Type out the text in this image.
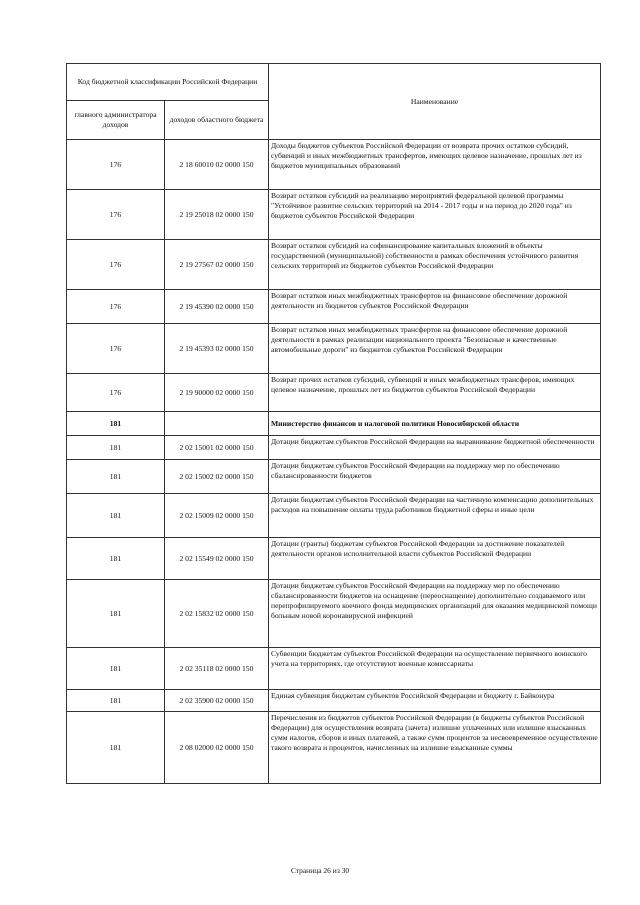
Код бюджетной классификации Российской Федерации		Наименование
главного администратора доходов	доходов областного бюджета	
176	2 18 60010 02 0000 150	Доходы бюджетов субъектов Российской Федерации от возврата прочих остатков субсидий, субвенций и иных межбюджетных трансфертов, имеющих целевое назначение, прошлых лет из бюджетов муниципальных образований
176	2 19 25018 02 0000 150	Возврат остатков субсидий на реализацию мероприятий федеральной целевой программы "Устойчивое развитие сельских территорий на 2014 - 2017 годы и на период до 2020 года" из бюджетов субъектов Российской Федерации
176	2 19 27567 02 0000 150	Возврат остатков субсидий на софинансирование капитальных вложений в объекты государственной (муниципальной) собственности в рамках обеспечения устойчивого развития сельских территорий из бюджетов субъектов Российской Федерации
176	2 19 45390 02 0000 150	Возврат остатков иных межбюджетных трансфертов на финансовое обеспечение дорожной деятельности из бюджетов субъектов Российской Федерации
176	2 19 45393 02 0000 150	Возврат остатков иных межбюджетных трансфертов на финансовое обеспечение дорожной деятельности в рамках реализации национального проекта "Безопасные и качественные автомобильные дороги" из бюджетов субъектов Российской Федерации
176	2 19 90000 02 0000 150	Возврат прочих остатков субсидий, субвенций и иных межбюджетных трансферов, имеющих целевое назначение, прошлых лет из бюджетов субъектов Российской Федерации
181		Министерство финансов и налоговой политики Новосибирской области
181	2 02 15001 02 0000 150	Дотации бюджетам субъектов Российской Федерации на выравнивание бюджетной обеспеченности
181	2 02 15002 02 0000 150	Дотации бюджетам субъектов Российской Федерации на поддержку мер по обеспечению сбалансированности бюджетов
181	2 02 15009 02 0000 150	Дотации бюджетам субъектов Российской Федерации на частичную компенсацию дополнительных расходов на повышение оплаты труда работников бюджетной сферы и иные цели
181	2 02 15549 02 0000 150	Дотации (гранты) бюджетам субъектов Российской Федерации за достижение показателей деятельности органов исполнительной власти субъектов Российской Федерации
181	2 02 15832 02 0000 150	Дотации бюджетам субъектов Российской Федерации на поддержку мер по обеспечению сбалансированности бюджетов на оснащение (переоснащение) дополнительно создаваемого или перепрофилируемого коечного фонда медицинских организаций для оказания медицинской помощи больным новой коронавирусной инфекцией
181	2 02 35118 02 0000 150	Субвенции бюджетам субъектов Российской Федерации на осуществление первичного воинского учета на территориях, где отсутствуют военные комиссариаты
181	2 02 35900 02 0000 150	Единая субвенция бюджетам субъектов Российской Федерации и бюджету г. Байконура
181	2 08 02000 02 0000 150	Перечисления из бюджетов субъектов Российской Федерации (в бюджеты субъектов Российской Федерации) для осуществления возврата (зачета) излишне уплаченных или излишне взысканных сумм налогов, сборов и иных платежей, а также сумм процентов за несвоевременное осуществление такого возврата и процентов, начисленных на излишне взысканные суммы
Страница 26 из 30
